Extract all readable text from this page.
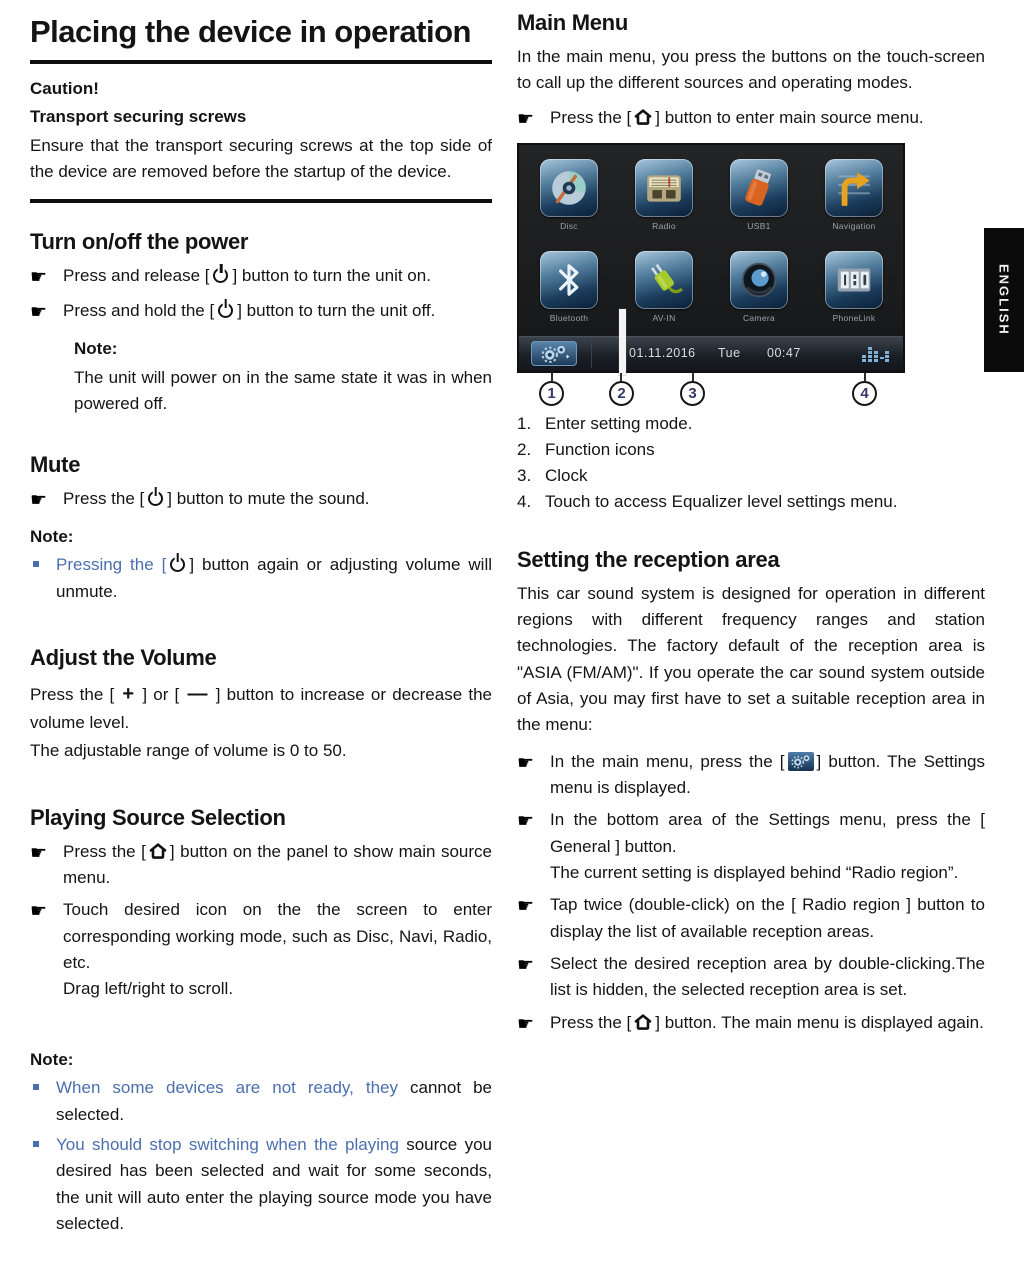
Placing the device in operation

Caution!

Transport securing screws

Ensure that the transport securing screws at the top side of the device are removed before the startup of the device.

Turn on/off the power
☛ Press and release [ ] button to turn the unit on.
☛ Press and hold the [ ] button to turn the unit off.

Note:

The unit will power on in the same state it was in when powered off.

Mute
☛ Press the [ ] button to mute the sound.

Note:

Pressing the [ ] button again or adjusting volume will unmute.
Adjust the Volume

Press the [ + ] or [ — ] button to increase or decrease the volume level.

The adjustable range of volume is 0 to 50.

Playing Source Selection
☛ Press the [ ] button on the panel to show main source menu.
☛ Touch desired icon on the the screen to enter corresponding working mode, such as Disc, Navi, Radio, etc.
Drag left/right to scroll.

Note:

When some devices are not ready, they cannot be selected.
You should stop switching when the playing source you desired has been selected and wait for some seconds, the unit will auto enter the playing source mode you have selected.
Main Menu

In the main menu, you press the buttons on the touch-screen to call up the different sources and operating modes.

☛ Press the [ ] button to enter main source menu.
Disc	Radio	USB1	Navigation
Bluetooth	AV-IN	Camera	PhoneLink
01.11.2016 Tue 00:47
1	2	3	4
1. Enter setting mode.
2. Function icons
3. Clock
4. Touch to access Equalizer level settings menu.
Setting the reception area

This car sound system is designed for operation in different regions with different frequency ranges and station technologies. The factory default of the reception area is "ASIA (FM/AM)". If you operate the car sound system outside of Asia, you may first have to set a suitable reception area in the menu:

☛ In the main menu, press the [ ] button. The Settings menu is displayed.
☛ In the bottom area of the Settings menu, press the [ General ] button.
The current setting is displayed behind “Radio region”.
☛ Tap twice (double-click) on the [ Radio region ] button to display the list of available reception areas.
☛ Select the desired reception area by double-clicking.The list is hidden, the selected reception area is set.
☛ Press the [ ] button. The main menu is displayed again.
ENGLISH
